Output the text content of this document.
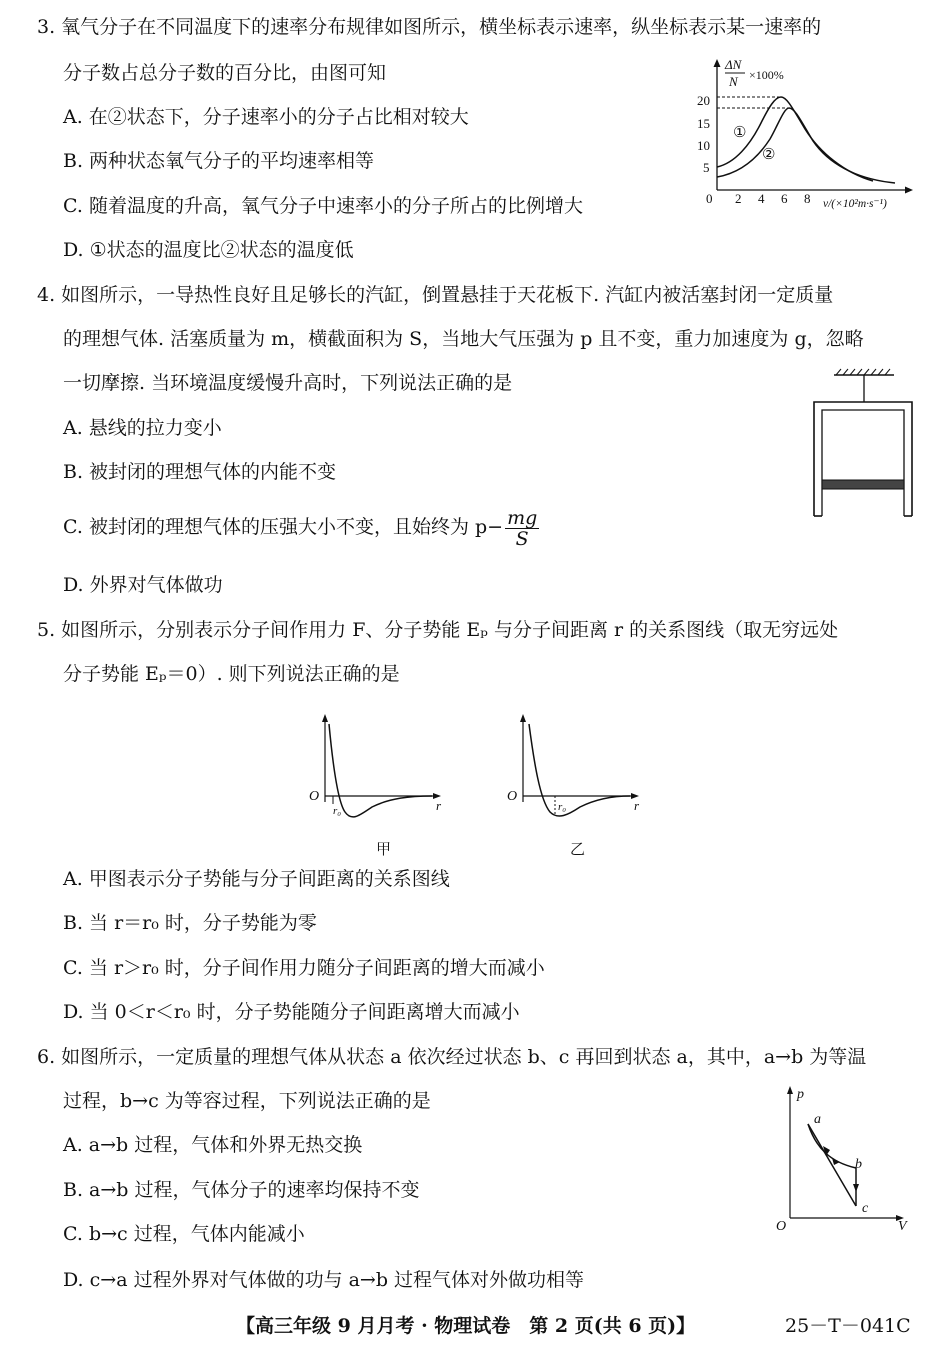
3. 氧气分子在不同温度下的速率分布规律如图所示，横坐标表示速率，纵坐标表示某一速率的
分子数占总分子数的百分比，由图可知
A. 在②状态下，分子速率小的分子占比相对较大
B. 两种状态氧气分子的平均速率相等
C. 随着温度的升高，氧气分子中速率小的分子所占的比例增大
D. ①状态的温度比②状态的温度低
ΔN
N ×100%
20
15
10
5
0 2 4 6 8 v/(×10²m·s⁻¹)
①
②
4. 如图所示，一导热性良好且足够长的汽缸，倒置悬挂于天花板下. 汽缸内被活塞封闭一定质量
的理想气体. 活塞质量为 m，横截面积为 S，当地大气压强为 p 且不变，重力加速度为 g，忽略
一切摩擦. 当环境温度缓慢升高时，下列说法正确的是
A. 悬线的拉力变小
B. 被封闭的理想气体的内能不变
C. 被封闭的理想气体的压强大小不变，且始终为 $p- \frac{mg}{S}$
D. 外界对气体做功
5. 如图所示，分别表示分子间作用力 F、分子势能 Eₚ 与分子间距离 r 的关系图线（取无穷远处
分子势能 Eₚ＝0）. 则下列说法正确的是
O
r₀	r
甲
O
r₀	r
乙
A. 甲图表示分子势能与分子间距离的关系图线
B. 当 r＝r₀ 时，分子势能为零
C. 当 r＞r₀ 时，分子间作用力随分子间距离的增大而减小
D. 当 0＜r＜r₀ 时，分子势能随分子间距离增大而减小
6. 如图所示，一定质量的理想气体从状态 a 依次经过状态 b、c 再回到状态 a，其中，a→b 为等温
过程，b→c 为等容过程，下列说法正确的是
A. a→b 过程，气体和外界无热交换
B. a→b 过程，气体分子的速率均保持不变
C. b→c 过程，气体内能减小
D. c→a 过程外界对气体做的功与 a→b 过程气体对外做功相等
p
V
O
a
b
c
【高三年级 9 月月考 · 物理试卷　第 2 页(共 6 页)】	25－T－041C
